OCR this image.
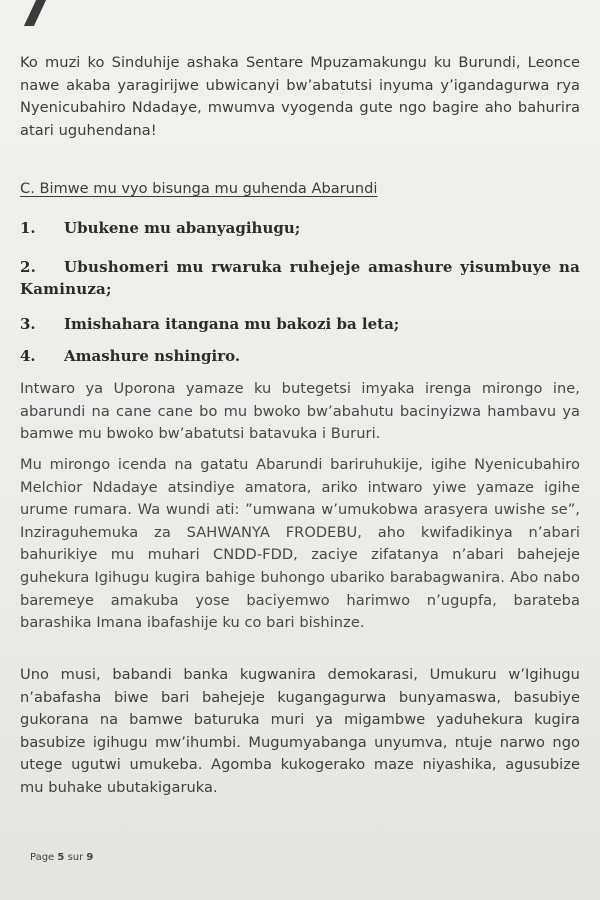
Ko muzi ko Sinduhije ashaka Sentare Mpuzamakungu ku Burundi, Leonce nawe akaba yaragirijwe ubwicanyi bw’abatutsi inyuma y’igandagurwa rya Nyenicubahiro Ndadaye, mwumva vyogenda gute ngo bagire aho bahurira atari uguhendana!
C. Bimwe mu vyo bisunga mu guhenda Abarundi
1. Ubukene mu abanyagihugu;
2. Ubushomeri mu rwaruka ruhejeje amashure yisumbuye na Kaminuza;
3. Imishahara itangana mu bakozi ba leta;
4. Amashure nshingiro.
Intwaro ya Uporona yamaze ku butegetsi imyaka irenga mirongo ine, abarundi na cane cane bo mu bwoko bw’abahutu bacinyizwa hambavu ya bamwe mu bwoko bw’abatutsi batavuka i Bururi.
Mu mirongo icenda na gatatu Abarundi bariruhukije, igihe Nyenicubahiro Melchior Ndadaye atsindiye amatora, ariko intwaro yiwe yamaze igihe urume rumara. Wa wundi ati: ”umwana w’umukobwa arasyera uwishe se”, Inziraguhemuka za SAHWANYA FRODEBU, aho kwifadikinya n’abari bahurikiye mu muhari CNDD-FDD, zaciye zifatanya n’abari bahejeje guhekura Igihugu kugira bahige buhongo ubariko barabagwanira. Abo nabo baremeye amakuba yose baciyemwo harimwo n’ugupfa, barateba barashika Imana ibafashije ku co bari bishinze.
Uno musi, babandi banka kugwanira demokarasi, Umukuru w’Igihugu n’abafasha biwe bari bahejeje kugangagurwa bunyamaswa, basubiye gukorana na bamwe baturuka muri ya migambwe yaduhekura kugira basubize igihugu mw’ihumbi. Mugumyabanga unyumva, ntuje narwo ngo utege ugutwi umukeba. Agomba kukogerako maze niyashika, agusubize mu buhake ubutakigaruka.
Page 5 sur 9
